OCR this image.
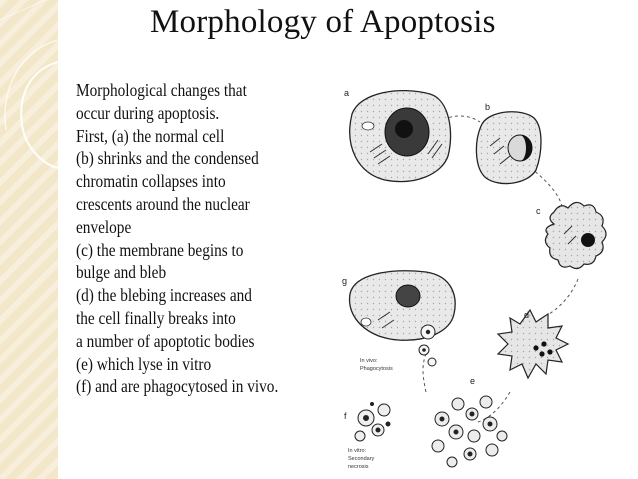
Morphology of Apoptosis
Morphological changes that
occur during apoptosis.
First, (a) the normal cell
(b) shrinks and the condensed
chromatin collapses into
crescents around the nuclear
envelope
(c) the membrane begins to
bulge and bleb
(d) the blebing increases and
the cell finally breaks into
a number of apoptotic bodies
(e) which lyse in vitro
(f) and are phagocytosed in vivo.
a
b
c
d
e
f
In vitro:
Secondary
necrosis
g
In vivo:
Phagocytosis
